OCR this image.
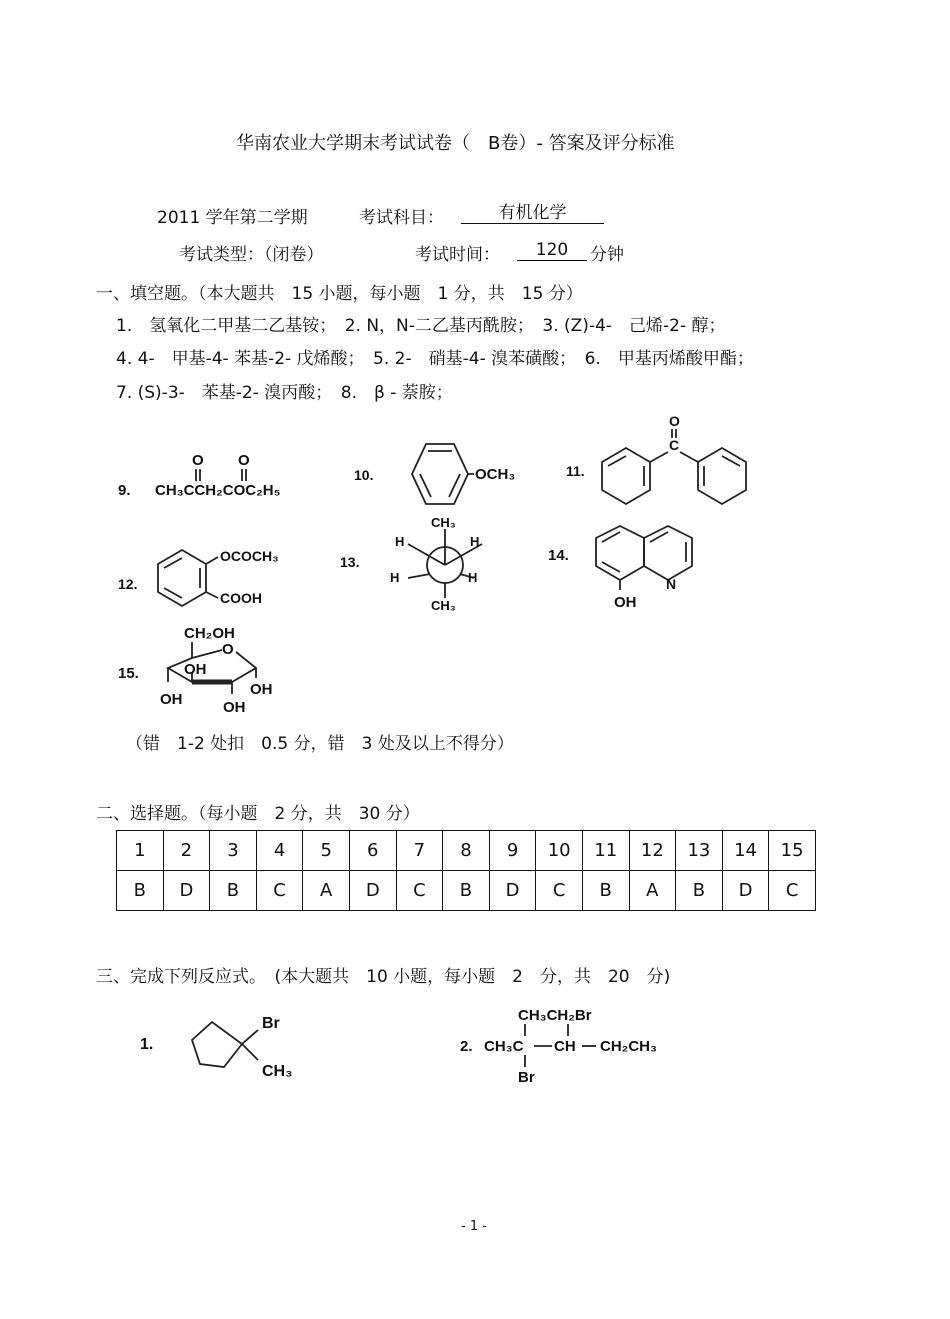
华南农业大学期末考试试卷（　B卷）- 答案及评分标准
2011 学年第二学期	考试科目：	有机化学
考试类型：（闭卷）	考试时间：	120	分钟
一、填空题。（本大题共　15 小题，每小题　1 分，共　15 分）
1.　氢氧化二甲基二乙基铵；　2. N，N-二乙基丙酰胺；　3. (Z)-4-　己烯-2- 醇；
4. 4-　甲基-4- 苯基-2- 戊烯酸；　5. 2-　硝基-4- 溴苯磺酸；　6.　甲基丙烯酸甲酯；
7. (S)-3-　苯基-2- 溴丙酸；　8.　β - 萘胺；
9.
O O
CH₃CCH₂COC₂H₅
10.	OCH₃	11.
O
C
12.
OCOCH₃
COOH
13.
CH₃
CH₃
H	H
H	H
14.
N
OH
15.
CH₂OH
O
OH
OH
OH	OH
（错　1-2 处扣　0.5 分，错　3 处及以上不得分）
二、选择题。（每小题　2 分，共　30 分）
1	2	3	4	5	6	7	8	9	10	11	12	13	14	15
B	D	B	C	A	D	C	B	D	C	B	A	B	D	C
三、完成下列反应式。　(本大题共　10 小题，每小题　2　分，共　20　分)
1.
Br
CH₃
2.
CH₃CH₂Br
CH₃C CH CH₂CH₃
Br
- 1 -
